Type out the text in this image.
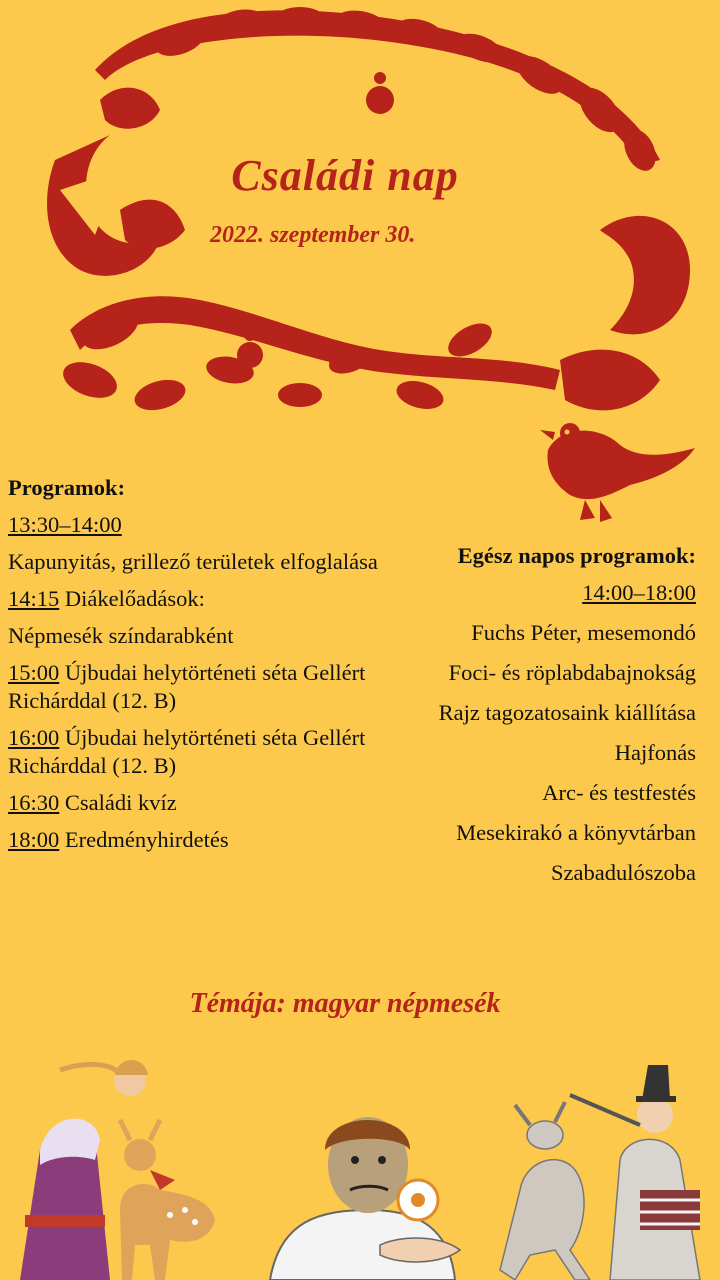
Családi nap
2022. szeptember 30.
Programok:
13:30–14:00
Kapunyitás, grillező területek elfoglalása
14:15 Diákelőadások:
Népmesék színdarabként
15:00 Újbudai helytörténeti séta Gellért Richárddal (12. B)
16:00 Újbudai helytörténeti séta Gellért Richárddal (12. B)
16:30 Családi kvíz
18:00 Eredményhirdetés
Egész napos programok:
14:00–18:00
Fuchs Péter, mesemondó
Foci- és röplabdabajnokság
Rajz tagozatosaink kiállítása
Hajfonás
Arc- és testfestés
Mesekirakó a könyvtárban
Szabadulószoba
Témája: magyar népmesék
